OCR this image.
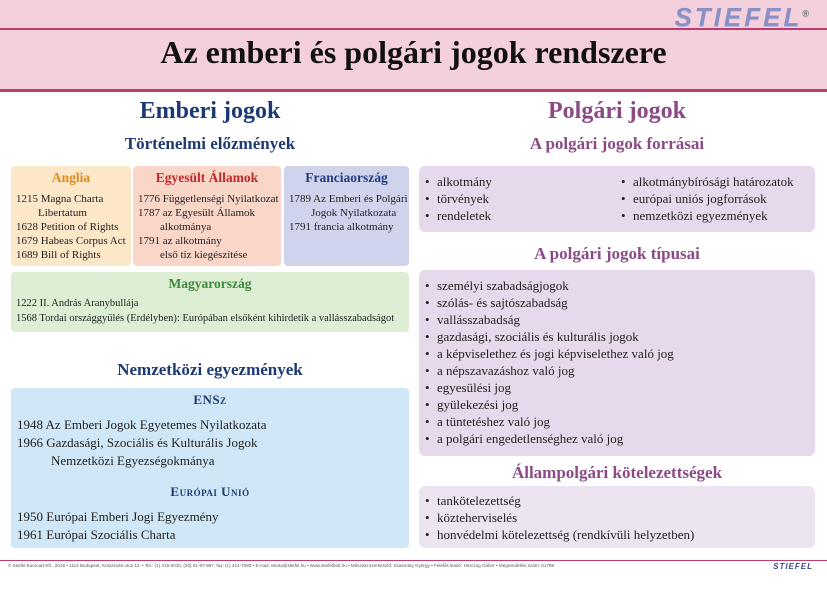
STIEFEL®
Az emberi és polgári jogok rendszere
Emberi jogok
Történelmi előzmények
Anglia
1215 Magna Charta
Libertatum
1628 Petition of Rights
1679 Habeas Corpus Act
1689 Bill of Rights
Egyesült Államok
1776 Függetlenségi Nyilatkozat
1787 az Egyesült Államok
alkotmánya
1791 az alkotmány
első tíz kiegészítése
Franciaország
1789 Az Emberi és Polgári
Jogok Nyilatkozata
1791 francia alkotmány
Magyarország
1222 II. András Aranybullája
1568 Tordai országgyűlés (Erdélyben): Európában elsőként kihirdetik a vallásszabadságot
Nemzetközi egyezmények
ENSz
1948 Az Emberi Jogok Egyetemes Nyilatkozata
1966 Gazdasági, Szociális és Kulturális Jogok
Nemzetközi Egyezségokmánya
Európai Unió
1950 Európai Emberi Jogi Egyezmény
1961 Európai Szociális Charta
Polgári jogok
A polgári jogok forrásai
• alkotmány
• törvények
• rendeletek
• alkotmánybírósági határozatok
• európai uniós jogforrások
• nemzetközi egyezmények
A polgári jogok típusai
• személyi szabadságjogok
• szólás- és sajtószabadság
• vallásszabadság
• gazdasági, szociális és kulturális jogok
• a képviselethez és jogi képviselethez való jog
• a népszavazáshoz való jog
• egyesülési jog
• gyülekezési jog
• a tüntetéshez való jog
• a polgári engedetlenséghez való jog
Állampolgári kötelezettségek
• tankötelezettség
• közteherviselés
• honvédelmi kötelezettség (rendkívüli helyzetben)
© Stiefel Eurocart Kft., 2015 • 1113 Budapest, Kolozsvári utca 13. • Tel.: (1) 415-2010, (20) 61-67-967, fax: (1) 414-7080 • E-mail: iskola@stiefel.hu • www.stiefelbolt.hu • Műszaki szerkesztő: Szalontay György • Felelős kiadó: Herczog Gábor • Megrendelési szám: 61789	STIEFEL
